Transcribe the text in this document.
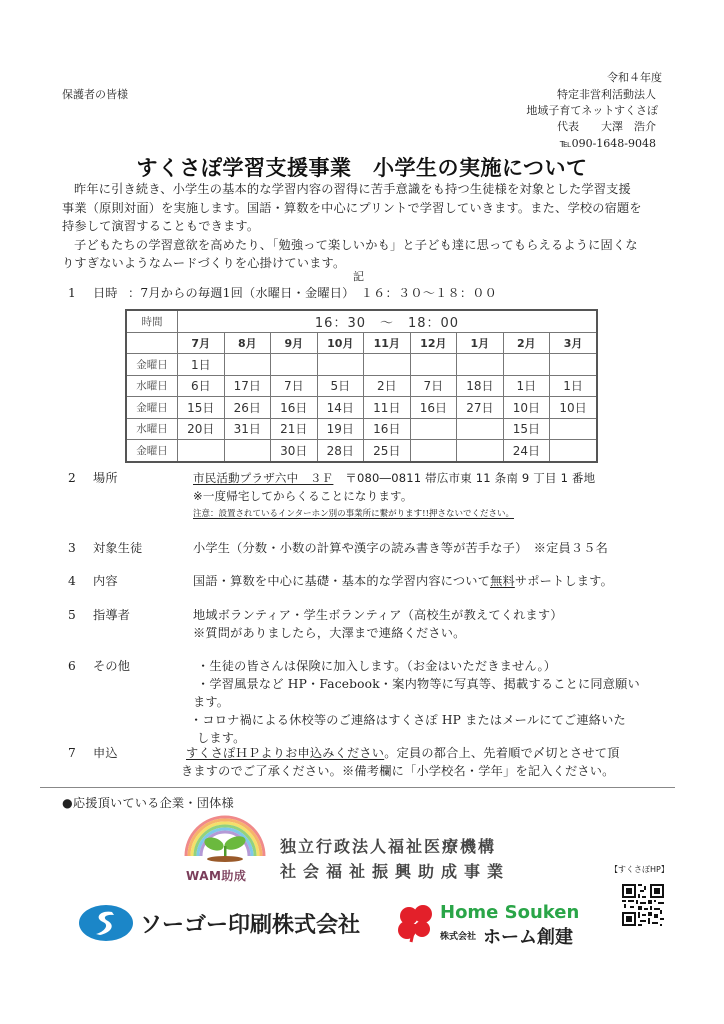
保護者の皆様
令和４年度
特定非営利活動法人
地域子育てネットすくさぽ
代表　　大澤　浩介
℡090-1648-9048
すくさぽ学習支援事業　小学生の実施について
昨年に引き続き、小学生の基本的な学習内容の習得に苦手意識をも持つ生徒様を対象とした学習支援
事業（原則対面）を実施します。国語・算数を中心にプリントで学習していきます。また、学校の宿題を
持参して演習することもできます。
子どもたちの学習意欲を高めたり、「勉強って楽しいかも」と子ども達に思ってもらえるように固くな
りすぎないようなムードづくりを心掛けています。
記
1 日時 ：7月からの毎週1回（水曜日・金曜日）　１６：３０～１８：００
時間	16：30　～　18：00								
	7月	8月	9月	10月	11月	12月	1月	2月	3月
金曜日	1日								
水曜日	6日	17日	7日	5日	2日	7日	18日	1日	1日
金曜日	15日	26日	16日	14日	11日	16日	27日	10日	10日
水曜日	20日	31日	21日	19日	16日			15日	
金曜日			30日	28日	25日			24日	
2 場所	市民活動プラザ六中　３Ｆ 〒080―0811 帯広市東 11 条南 9 丁目 1 番地
※一度帰宅してからくることになります。
注意：設置されているインターホン別の事業所に繋がります!!押さないでください。
3 対象生徒	小学生（分数・小数の計算や漢字の読み書き等が苦手な子）　※定員３５名
4 内容	国語・算数を中心に基礎・基本的な学習内容について無料サポートします。
5 指導者	地域ボランティア・学生ボランティア（高校生が教えてくれます）
※質問がありましたら，大澤まで連絡ください。
6 その他	・生徒の皆さんは保険に加入します。（お金はいただきません。）
・学習風景など HP・Facebook・案内物等に写真等、掲載することに同意願い
ます。
・コロナ禍による休校等のご連絡はすくさぽ HP またはメールにてご連絡いた
します。
7 申込	すくさぽＨＰよりお申込みください。定員の都合上、先着順で〆切とさせて頂
きますのでご了承ください。※備考欄に「小学校名・学年」を記入ください。
●応援頂いている企業・団体様
WAM助成
独立行政法人福祉医療機構
社会福祉振興助成事業
ソーゴー印刷株式会社
Home Souken
株式会社 ホーム創建
【すくさぽHP】
